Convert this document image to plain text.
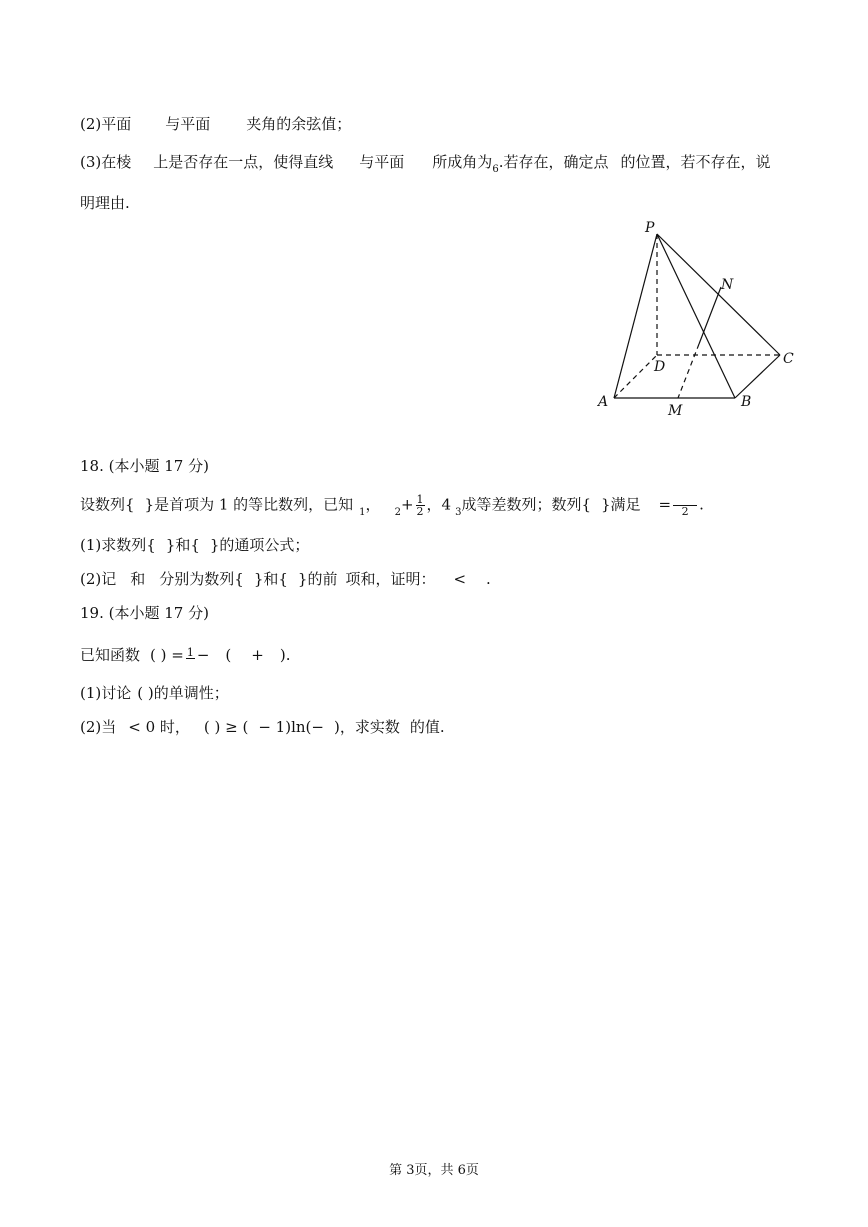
(2)平面 与平面 夹角的余弦值；
(3)在棱 上是否存在一点，使得直线 与平面 所成角为$_6$.若存在，确定点 的位置，若不存在，说
明理由.
P
N
C
D
A
M
B
18. (本小题 17 分)
设数列{ }是首项为 1 的等比数列，已知 $_1$， $_2+ \frac{1}{2}$ ，4 $_3$成等差数列；数列{ }满足 = 2 .
(1)求数列{ }和{ }的通项公式；
(2)记 和 分别为数列{ }和{ }的前 项和，证明： < .
19. (本小题 17 分)
已知函数 ( ) = 1 − ( + ).
(1)讨论 ( )的单调性；
(2)当 < 0 时， ( ) ≥ ( − 1)ln(− )，求实数 的值.
第 3页，共 6页
